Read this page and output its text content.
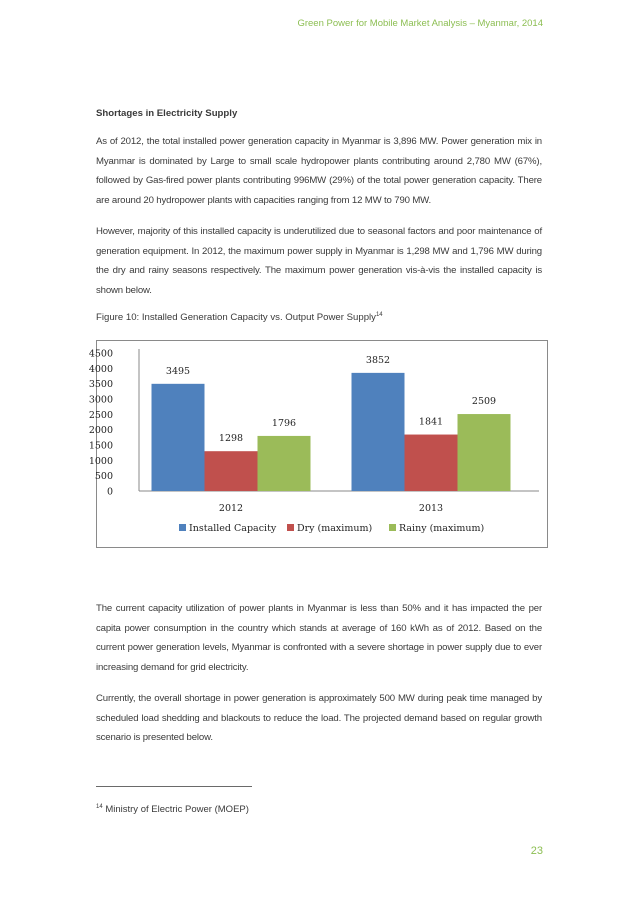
Green Power for Mobile Market Analysis – Myanmar, 2014
Shortages in Electricity Supply

As of 2012, the total installed power generation capacity in Myanmar is 3,896 MW. Power generation mix in Myanmar is dominated by Large to small scale hydropower plants contributing around 2,780 MW (67%), followed by Gas-fired power plants contributing 996MW (29%) of the total power generation capacity. There are around 20 hydropower plants with capacities ranging from 12 MW to 790 MW.

However, majority of this installed capacity is underutilized due to seasonal factors and poor maintenance of generation equipment. In 2012, the maximum power supply in Myanmar is 1,298 MW and 1,796 MW during the dry and rainy seasons respectively. The maximum power generation vis-à-vis the installed capacity is shown below.

Figure 10: Installed Generation Capacity vs. Output Power Supply$^{14}$
0
500
1000
1500
2000
2500
3000
3500
4000
4500
3495
1298
1796
2012
3852
1841
2509
2013
Installed Capacity Dry (maximum)	Rainy (maximum)

The current capacity utilization of power plants in Myanmar is less than 50% and it has impacted the per capita power consumption in the country which stands at average of 160 kWh as of 2012. Based on the current power generation levels, Myanmar is confronted with a severe shortage in power supply due to ever increasing demand for grid electricity.

Currently, the overall shortage in power generation is approximately 500 MW during peak time managed by scheduled load shedding and blackouts to reduce the load. The projected demand based on regular growth scenario is presented below.

$^{14}$ Ministry of Electric Power (MOEP)
23
